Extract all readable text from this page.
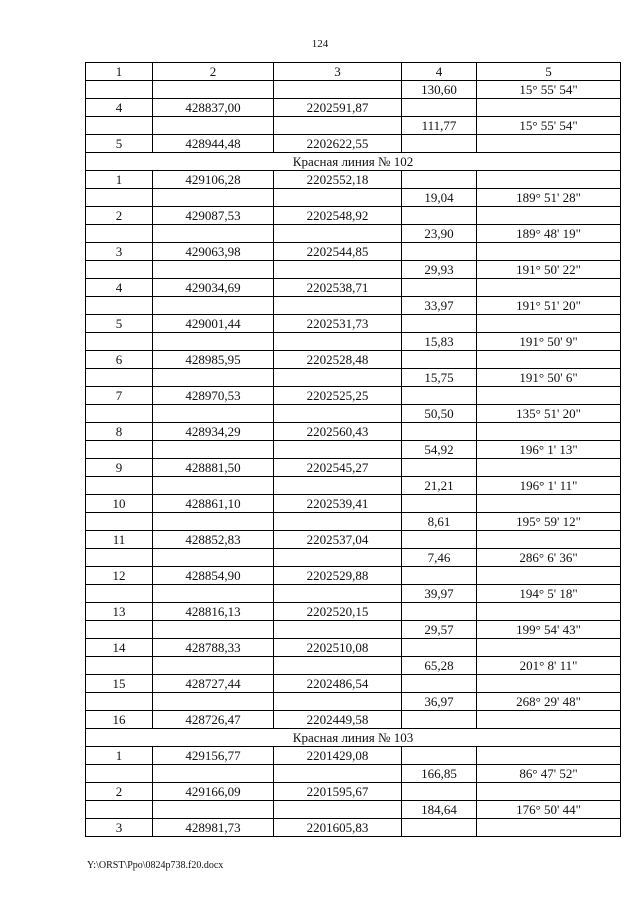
124
1	2	3	4	5
			130,60	15° 55' 54"
4	428837,00	2202591,87		
			111,77	15° 55' 54"
5	428944,48	2202622,55		
Красная линия № 102				
1	429106,28	2202552,18		
			19,04	189° 51' 28"
2	429087,53	2202548,92		
			23,90	189° 48' 19"
3	429063,98	2202544,85		
			29,93	191° 50' 22"
4	429034,69	2202538,71		
			33,97	191° 51' 20"
5	429001,44	2202531,73		
			15,83	191° 50' 9"
6	428985,95	2202528,48		
			15,75	191° 50' 6"
7	428970,53	2202525,25		
			50,50	135° 51' 20"
8	428934,29	2202560,43		
			54,92	196° 1' 13"
9	428881,50	2202545,27		
			21,21	196° 1' 11"
10	428861,10	2202539,41		
			8,61	195° 59' 12"
11	428852,83	2202537,04		
			7,46	286° 6' 36"
12	428854,90	2202529,88		
			39,97	194° 5' 18"
13	428816,13	2202520,15		
			29,57	199° 54' 43"
14	428788,33	2202510,08		
			65,28	201° 8' 11"
15	428727,44	2202486,54		
			36,97	268° 29' 48"
16	428726,47	2202449,58		
Красная линия № 103				
1	429156,77	2201429,08		
			166,85	86° 47' 52"
2	429166,09	2201595,67		
			184,64	176° 50' 44"
3	428981,73	2201605,83		
Y:\ORST\Ppo\0824p738.f20.docx
